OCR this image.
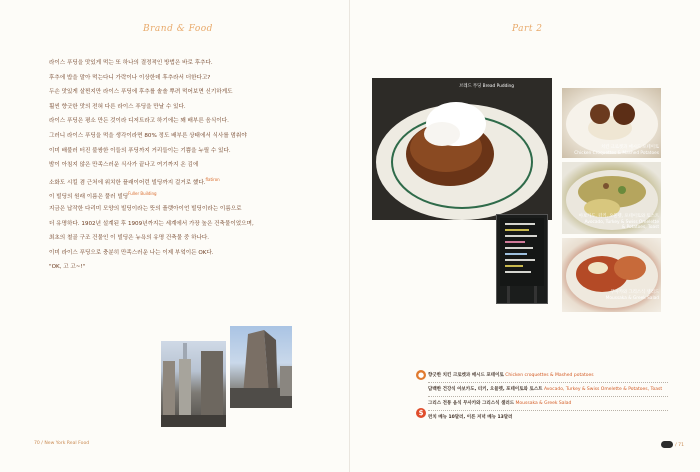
Brand & Food
라이스 푸딩을 맛있게 먹는 또 하나의 결정적인 방법은 바로 후추다.
후추에 밥을 말아 먹는다니 가락이나 이상한데 후추라서 더한다고?
두손 맛있게 살찐지만 라이스 푸딩에 후추를 솔솔 뿌려 먹어보면 신기하게도
훨씬 향긋한 맛의 전혀 다른 라이스 푸딩을 만날 수 있다.
라이스 푸딩은 평소 만든 것이라 디저트라고 하기에는 꽤 배부른 음식이다.
그러니 라이스 푸딩을 먹을 생각이라면 80% 정도 배부른 상태에서 식사를 멈춰야
이미 배불러 터진 불쌍한 이들의 푸딩까지 거리들이는 기쁨을 누릴 수 있다.
밤이 아침지 않은 만족스러운 식사가 끝나고 여기까지 온 김에
소화도 시킬 겸 근처에 위치한 플래이어런 빌딩까지 걸거로 했다.$^{flatiron}$
이 빌딩의 원래 이름은 풀러 빌딩$^{Fuller Building}$
지금은 납작한 다리미 모양의 빌딩이라는 뜻의 플랫아이언 빌딩이라는 이름으로
더 유명하다. 1902년 설계된 후 1909년까지는 세계에서 가장 높은 건축물이었으며,
최초의 철골 구조 건물인 이 빌딩은 뉴욕의 유명 건축물 중 하나다.
이미 라이스 푸딩으로 충분히 만족스러운 나는 이제 부엌이든 OK다.
"OK, 고 고~!"
70 / New York Real Food
Part 2
브레드 푸딩 Bread Pudding
치킨 크로켓과 매시드 포테이토
Chicken Croquettes & Mashed Potatoes
아보카도, 터키, 오물렛, 포테이토와 토스트
Avocado, Turkey & Swiss Omelette
& Potatoes, Toast
무사카와 그리스식 샐러드
Moussaka & Greek Salad
●
$
향긋한 치킨 크로켓과 매시드 포테이토 Chicken croquettes & Mashed potatoes
담백한 건강식 아보카도, 터키, 오믈렛, 포테이토와 토스트 Avocado, Turkey & Swiss Omelette & Potatoes, Toast
그리스 전통 음식 무사카와 그리스식 샐러드 Moussaka & Greek Salad
런치 메뉴 10달러, 이른 저녁 메뉴 13달러
/ 71
